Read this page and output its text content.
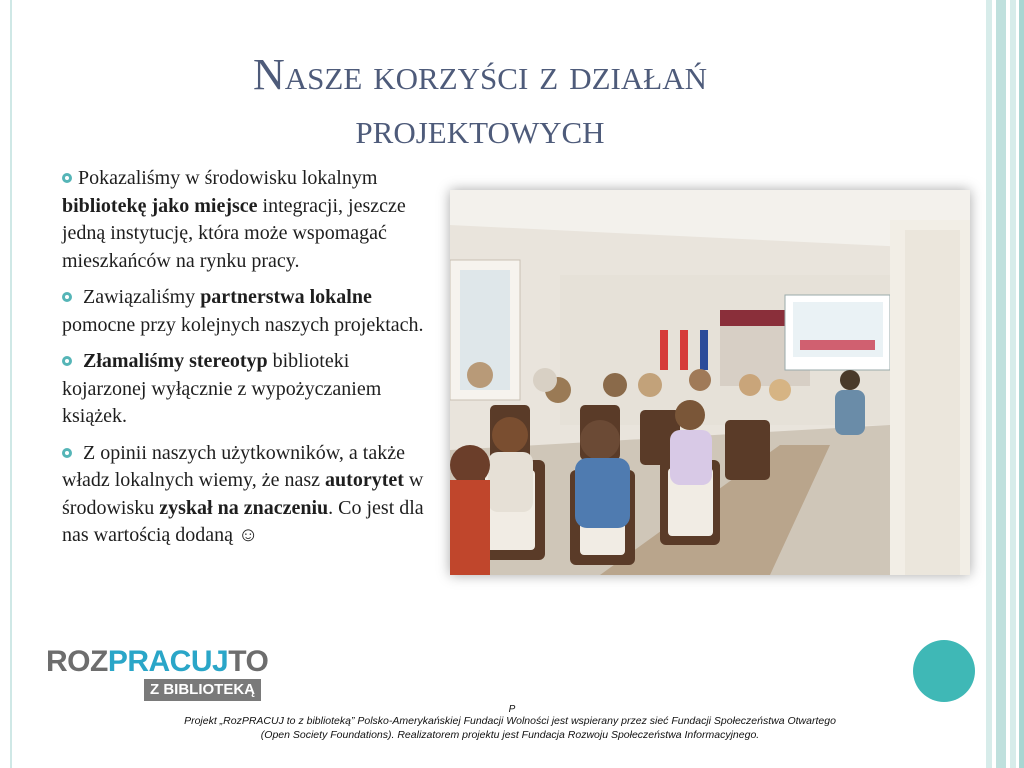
Nasze korzyści z działań
projektowych

Pokazaliśmy w środowisku lokalnym bibliotekę jako miejsce integracji, jeszcze jedną instytucję, która może wspomagać mieszkańców na rynku pracy.

Zawiązaliśmy partnerstwa lokalne pomocne przy kolejnych naszych projektach.

Złamaliśmy stereotyp biblioteki kojarzonej wyłącznie z wypożyczaniem książek.

Z opinii naszych użytkowników, a także władz lokalnych wiemy, że nasz autorytet w środowisku zyskał na znaczeniu. Co jest dla nas wartością dodaną ☺

ROZPRACUJTO
Z BIBLIOTEKĄ
P
Projekt „RozPRACUJ to z biblioteką” Polsko-Amerykańskiej Fundacji Wolności jest wspierany przez sieć Fundacji Społeczeństwa Otwartego
(Open Society Foundations). Realizatorem projektu jest Fundacja Rozwoju Społeczeństwa Informacyjnego.
